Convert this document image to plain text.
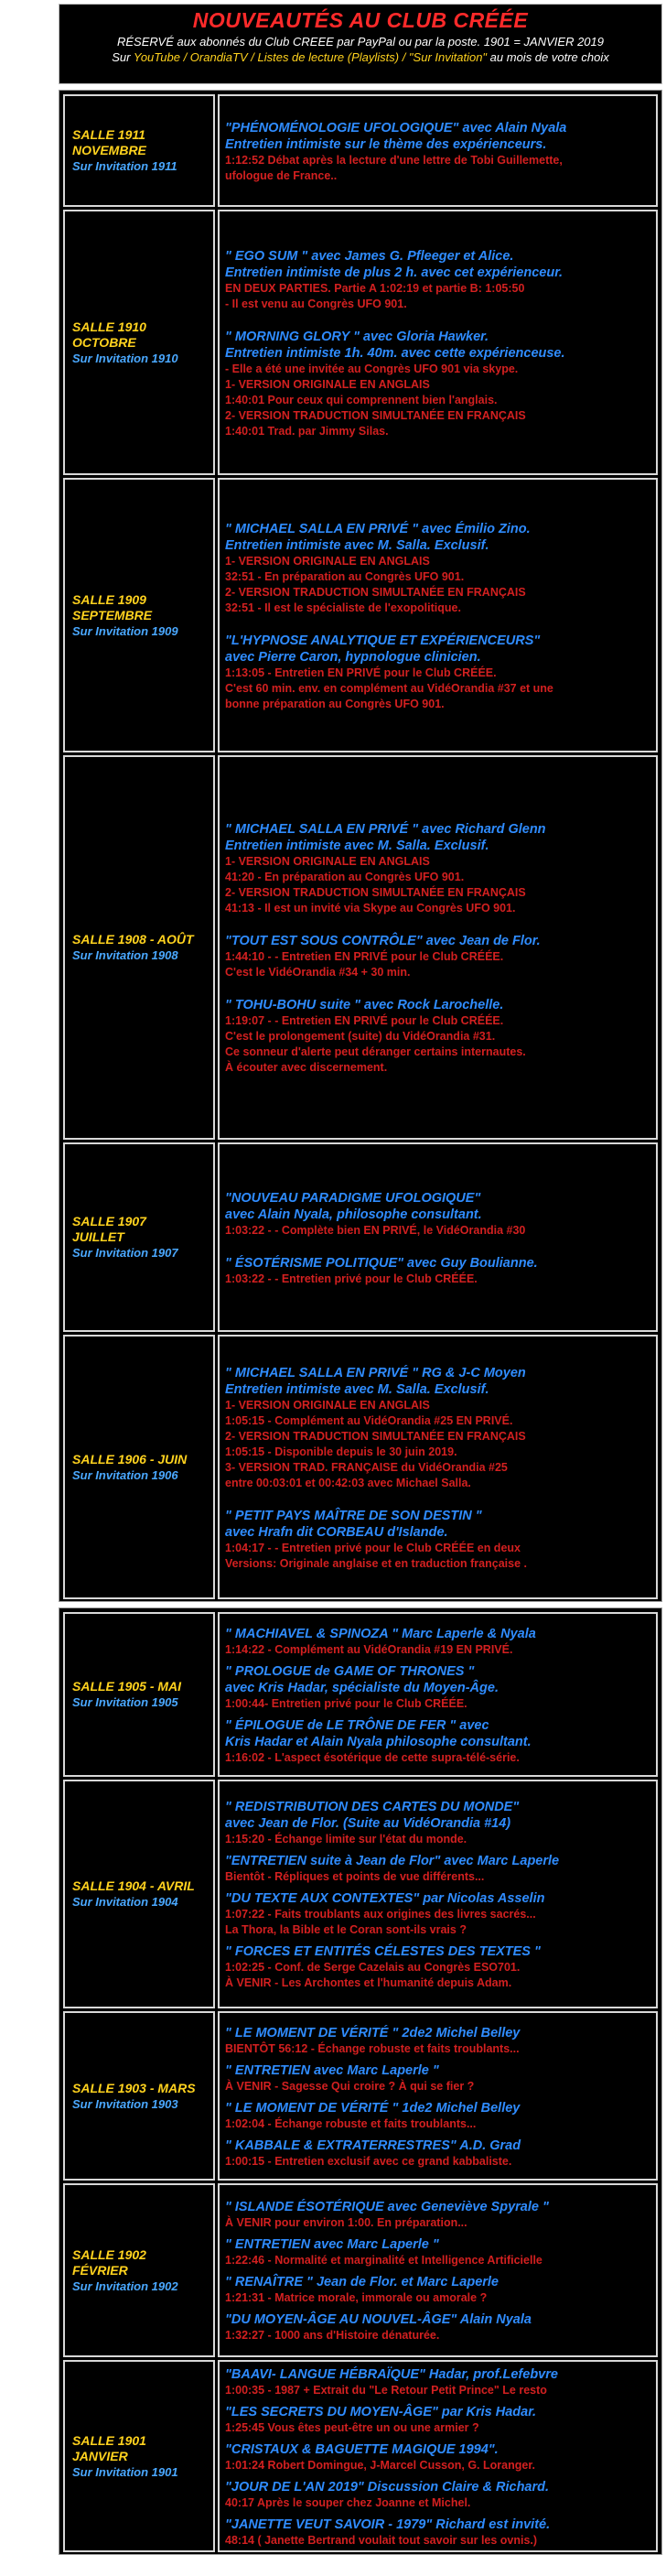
NOUVEAUTÉS AU CLUB CRÉÉE
RÉSERVÉ aux abonnés du Club CREEE par PayPal ou par la poste. 1901 = JANVIER 2019
Sur YouTube / OrandiaTV / Listes de lecture (Playlists) / "Sur Invitation" au mois de votre choix
SALLE 1911
NOVEMBRE
Sur Invitation 1911
"PHÉNOMÉNOLOGIE UFOLOGIQUE" avec Alain Nyala
Entretien intimiste sur le thème des expérienceurs.
1:12:52 Débat après la lecture d'une lettre de Tobi Guillemette,
ufologue de France..
SALLE 1910
OCTOBRE
Sur Invitation 1910
" EGO SUM " avec James G. Pfleeger et Alice.
Entretien intimiste de plus 2 h. avec cet expérienceur.
EN DEUX PARTIES. Partie A 1:02:19 et partie B: 1:05:50
- Il est venu au Congrès UFO 901.
" MORNING GLORY " avec Gloria Hawker.
Entretien intimiste 1h. 40m. avec cette expérienceuse.
- Elle a été une invitée au Congrès UFO 901 via skype.
1- VERSION ORIGINALE EN ANGLAIS
1:40:01 Pour ceux qui comprennent bien l'anglais.
2- VERSION TRADUCTION SIMULTANÉE EN FRANÇAIS
1:40:01 Trad. par Jimmy Silas.
SALLE 1909
SEPTEMBRE
Sur Invitation 1909
" MICHAEL SALLA EN PRIVÉ " avec Émilio Zino.
Entretien intimiste avec M. Salla. Exclusif.
1- VERSION ORIGINALE EN ANGLAIS
32:51 - En préparation au Congrès UFO 901.
2- VERSION TRADUCTION SIMULTANÉE EN FRANÇAIS
32:51 - Il est le spécialiste de l'exopolitique.
"L'HYPNOSE ANALYTIQUE ET EXPÉRIENCEURS"
avec Pierre Caron, hypnologue clinicien.
1:13:05 - Entretien EN PRIVÉ pour le Club CRÉÉE.
C'est 60 min. env. en complément au VidéOrandia #37 et une
bonne préparation au Congrès UFO 901.
SALLE 1908 - AOÛT
Sur Invitation 1908
" MICHAEL SALLA EN PRIVÉ " avec Richard Glenn
Entretien intimiste avec M. Salla. Exclusif.
1- VERSION ORIGINALE EN ANGLAIS
41:20 - En préparation au Congrès UFO 901.
2- VERSION TRADUCTION SIMULTANÉE EN FRANÇAIS
41:13 - Il est un invité via Skype au Congrès UFO 901.
"TOUT EST SOUS CONTRÔLE" avec Jean de Flor.
1:44:10 - - Entretien EN PRIVÉ pour le Club CRÉÉE.
C'est le VidéOrandia #34 + 30 min.
" TOHU-BOHU suite " avec Rock Larochelle.
1:19:07 - - Entretien EN PRIVÉ pour le Club CRÉÉE.
C'est le prolongement (suite) du VidéOrandia #31.
Ce sonneur d'alerte peut déranger certains internautes.
À écouter avec discernement.
SALLE 1907
JUILLET
Sur Invitation 1907
"NOUVEAU PARADIGME UFOLOGIQUE"
avec Alain Nyala, philosophe consultant.
1:03:22 - - Complète bien EN PRIVÉ, le VidéOrandia #30
" ÉSOTÉRISME POLITIQUE" avec Guy Boulianne.
1:03:22 - - Entretien privé pour le Club CRÉÉE.
SALLE 1906 - JUIN
Sur Invitation 1906
" MICHAEL SALLA EN PRIVÉ " RG & J-C Moyen
Entretien intimiste avec M. Salla. Exclusif.
1- VERSION ORIGINALE EN ANGLAIS
1:05:15 - Complément au VidéOrandia #25 EN PRIVÉ.
2- VERSION TRADUCTION SIMULTANÉE EN FRANÇAIS
1:05:15 - Disponible depuis le 30 juin 2019.
3- VERSION TRAD. FRANÇAISE du VidéOrandia #25
entre 00:03:01 et 00:42:03 avec Michael Salla.
" PETIT PAYS MAÎTRE DE SON DESTIN "
avec Hrafn dit CORBEAU d'Islande.
1:04:17 - - Entretien privé pour le Club CRÉÉE en deux
Versions: Originale anglaise et en traduction française .
SALLE 1905 - MAI
Sur Invitation 1905
" MACHIAVEL & SPINOZA " Marc Laperle & Nyala
1:14:22 - Complément au VidéOrandia #19 EN PRIVÉ.
" PROLOGUE de GAME OF THRONES "
avec Kris Hadar, spécialiste du Moyen-Âge.
1:00:44- Entretien privé pour le Club CRÉÉE.
" ÉPILOGUE de LE TRÔNE DE FER " avec
Kris Hadar et Alain Nyala philosophe consultant.
1:16:02 - L'aspect ésotérique de cette supra-télé-série.
SALLE 1904 - AVRIL
Sur Invitation 1904
" REDISTRIBUTION DES CARTES DU MONDE"
avec Jean de Flor. (Suite au VidéOrandia #14)
1:15:20 - Échange limite sur l'état du monde.
"ENTRETIEN suite à Jean de Flor" avec Marc Laperle
Bientôt - Répliques et points de vue différents...
"DU TEXTE AUX CONTEXTES" par Nicolas Asselin
1:07:22 - Faits troublants aux origines des livres sacrés...
La Thora, la Bible et le Coran sont-ils vrais ?
" FORCES ET ENTITÉS CÉLESTES DES TEXTES "
1:02:25 - Conf. de Serge Cazelais au Congrès ESO701.
À VENIR - Les Archontes et l'humanité depuis Adam.
SALLE 1903 - MARS
Sur Invitation 1903
" LE MOMENT DE VÉRITÉ " 2de2 Michel Belley
BIENTÔT 56:12 - Échange robuste et faits troublants...
" ENTRETIEN avec Marc Laperle "
À VENIR - Sagesse Qui croire ? À qui se fier ?
" LE MOMENT DE VÉRITÉ " 1de2 Michel Belley
1:02:04 - Échange robuste et faits troublants...
" KABBALE & EXTRATERRESTRES" A.D. Grad
1:00:15 - Entretien exclusif avec ce grand kabbaliste.
SALLE 1902
FÉVRIER
Sur Invitation 1902
" ISLANDE ÉSOTÉRIQUE avec Geneviève Spyrale "
À VENIR pour environ 1:00. En préparation...
" ENTRETIEN avec Marc Laperle "
1:22:46 - Normalité et marginalité et Intelligence Artificielle
" RENAÎTRE " Jean de Flor. et Marc Laperle
1:21:31 - Matrice morale, immorale ou amorale ?
"DU MOYEN-ÂGE AU NOUVEL-ÂGE" Alain Nyala
1:32:27 - 1000 ans d'Histoire dénaturée.
SALLE 1901
JANVIER
Sur Invitation 1901
"BAAVI- LANGUE HÉBRAÏQUE" Hadar, prof.Lefebvre
1:00:35 - 1987 + Extrait du "Le Retour Petit Prince" Le resto
"LES SECRETS DU MOYEN-ÂGE" par Kris Hadar.
1:25:45 Vous êtes peut-être un ou une armier ?
"CRISTAUX & BAGUETTE MAGIQUE 1994".
1:01:24 Robert Domingue, J-Marcel Cusson, G. Loranger.
"JOUR DE L'AN 2019" Discussion Claire & Richard.
40:17 Après le souper chez Joanne et Michel.
"JANETTE VEUT SAVOIR - 1979" Richard est invité.
48:14 ( Janette Bertrand voulait tout savoir sur les ovnis.)
